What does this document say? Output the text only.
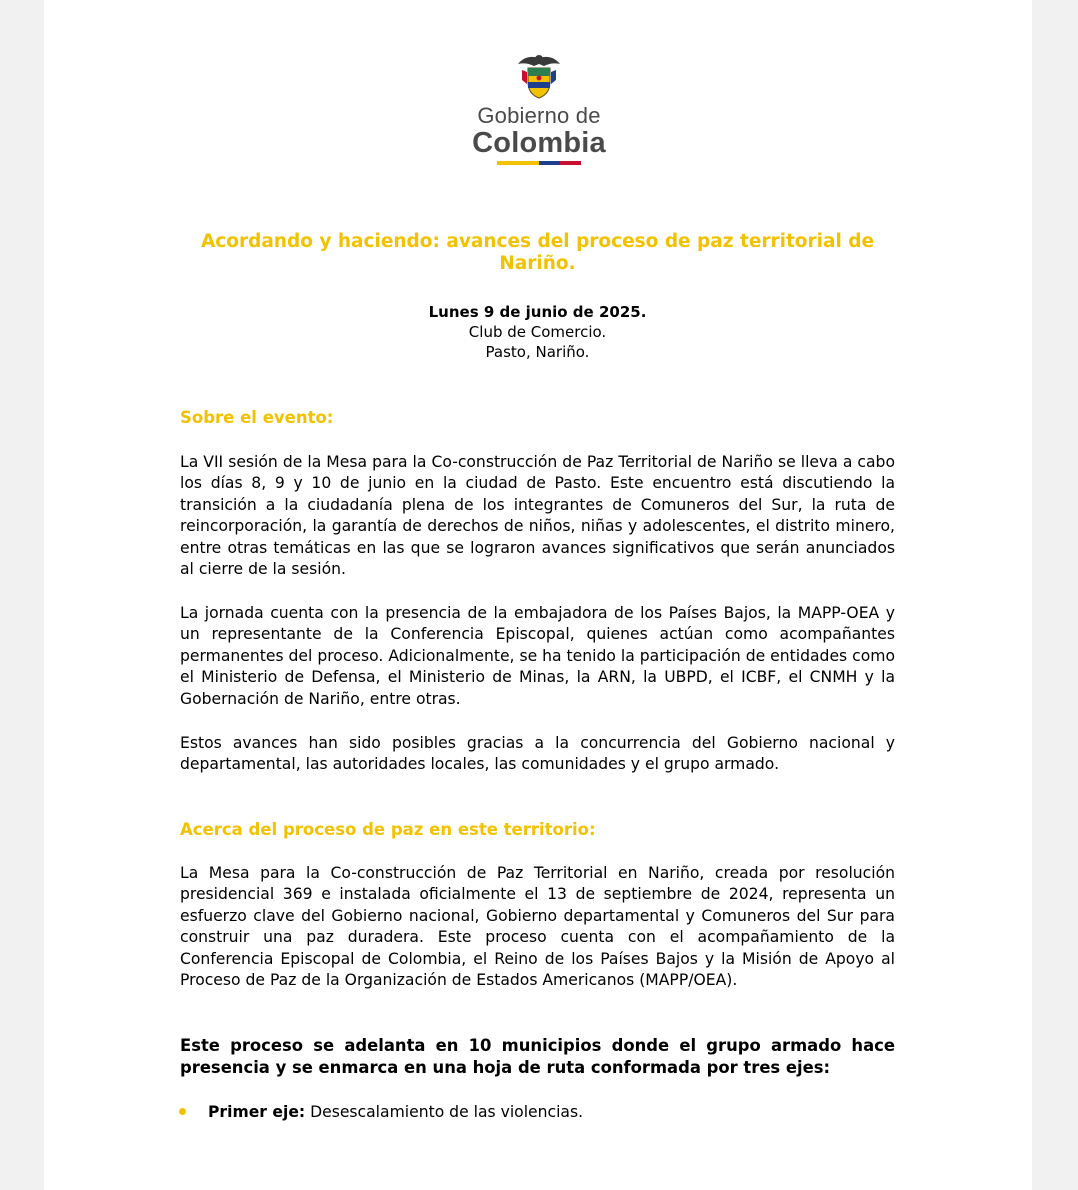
Gobierno de
Colombia
Acordando y haciendo: avances del proceso de paz territorial de Nariño.
Lunes 9 de junio de 2025.
Club de Comercio.
Pasto, Nariño.
Sobre el evento:

La VII sesión de la Mesa para la Co-construcción de Paz Territorial de Nariño se lleva a cabo los días 8, 9 y 10 de junio en la ciudad de Pasto. Este encuentro está discutiendo la transición a la ciudadanía plena de los integrantes de Comuneros del Sur, la ruta de reincorporación, la garantía de derechos de niños, niñas y adolescentes, el distrito minero, entre otras temáticas en las que se lograron avances significativos que serán anunciados al cierre de la sesión.

La jornada cuenta con la presencia de la embajadora de los Países Bajos, la MAPP-OEA y un representante de la Conferencia Episcopal, quienes actúan como acompañantes permanentes del proceso. Adicionalmente, se ha tenido la participación de entidades como el Ministerio de Defensa, el Ministerio de Minas, la ARN, la UBPD, el ICBF, el CNMH y la Gobernación de Nariño, entre otras.

Estos avances han sido posibles gracias a la concurrencia del Gobierno nacional y departamental, las autoridades locales, las comunidades y el grupo armado.

Acerca del proceso de paz en este territorio:

La Mesa para la Co-construcción de Paz Territorial en Nariño, creada por resolución presidencial 369 e instalada oficialmente el 13 de septiembre de 2024, representa un esfuerzo clave del Gobierno nacional, Gobierno departamental y Comuneros del Sur para construir una paz duradera. Este proceso cuenta con el acompañamiento de la Conferencia Episcopal de Colombia, el Reino de los Países Bajos y la Misión de Apoyo al Proceso de Paz de la Organización de Estados Americanos (MAPP/OEA).

Este proceso se adelanta en 10 municipios donde el grupo armado hace presencia y se enmarca en una hoja de ruta conformada por tres ejes:

Primer eje: Desescalamiento de las violencias.
